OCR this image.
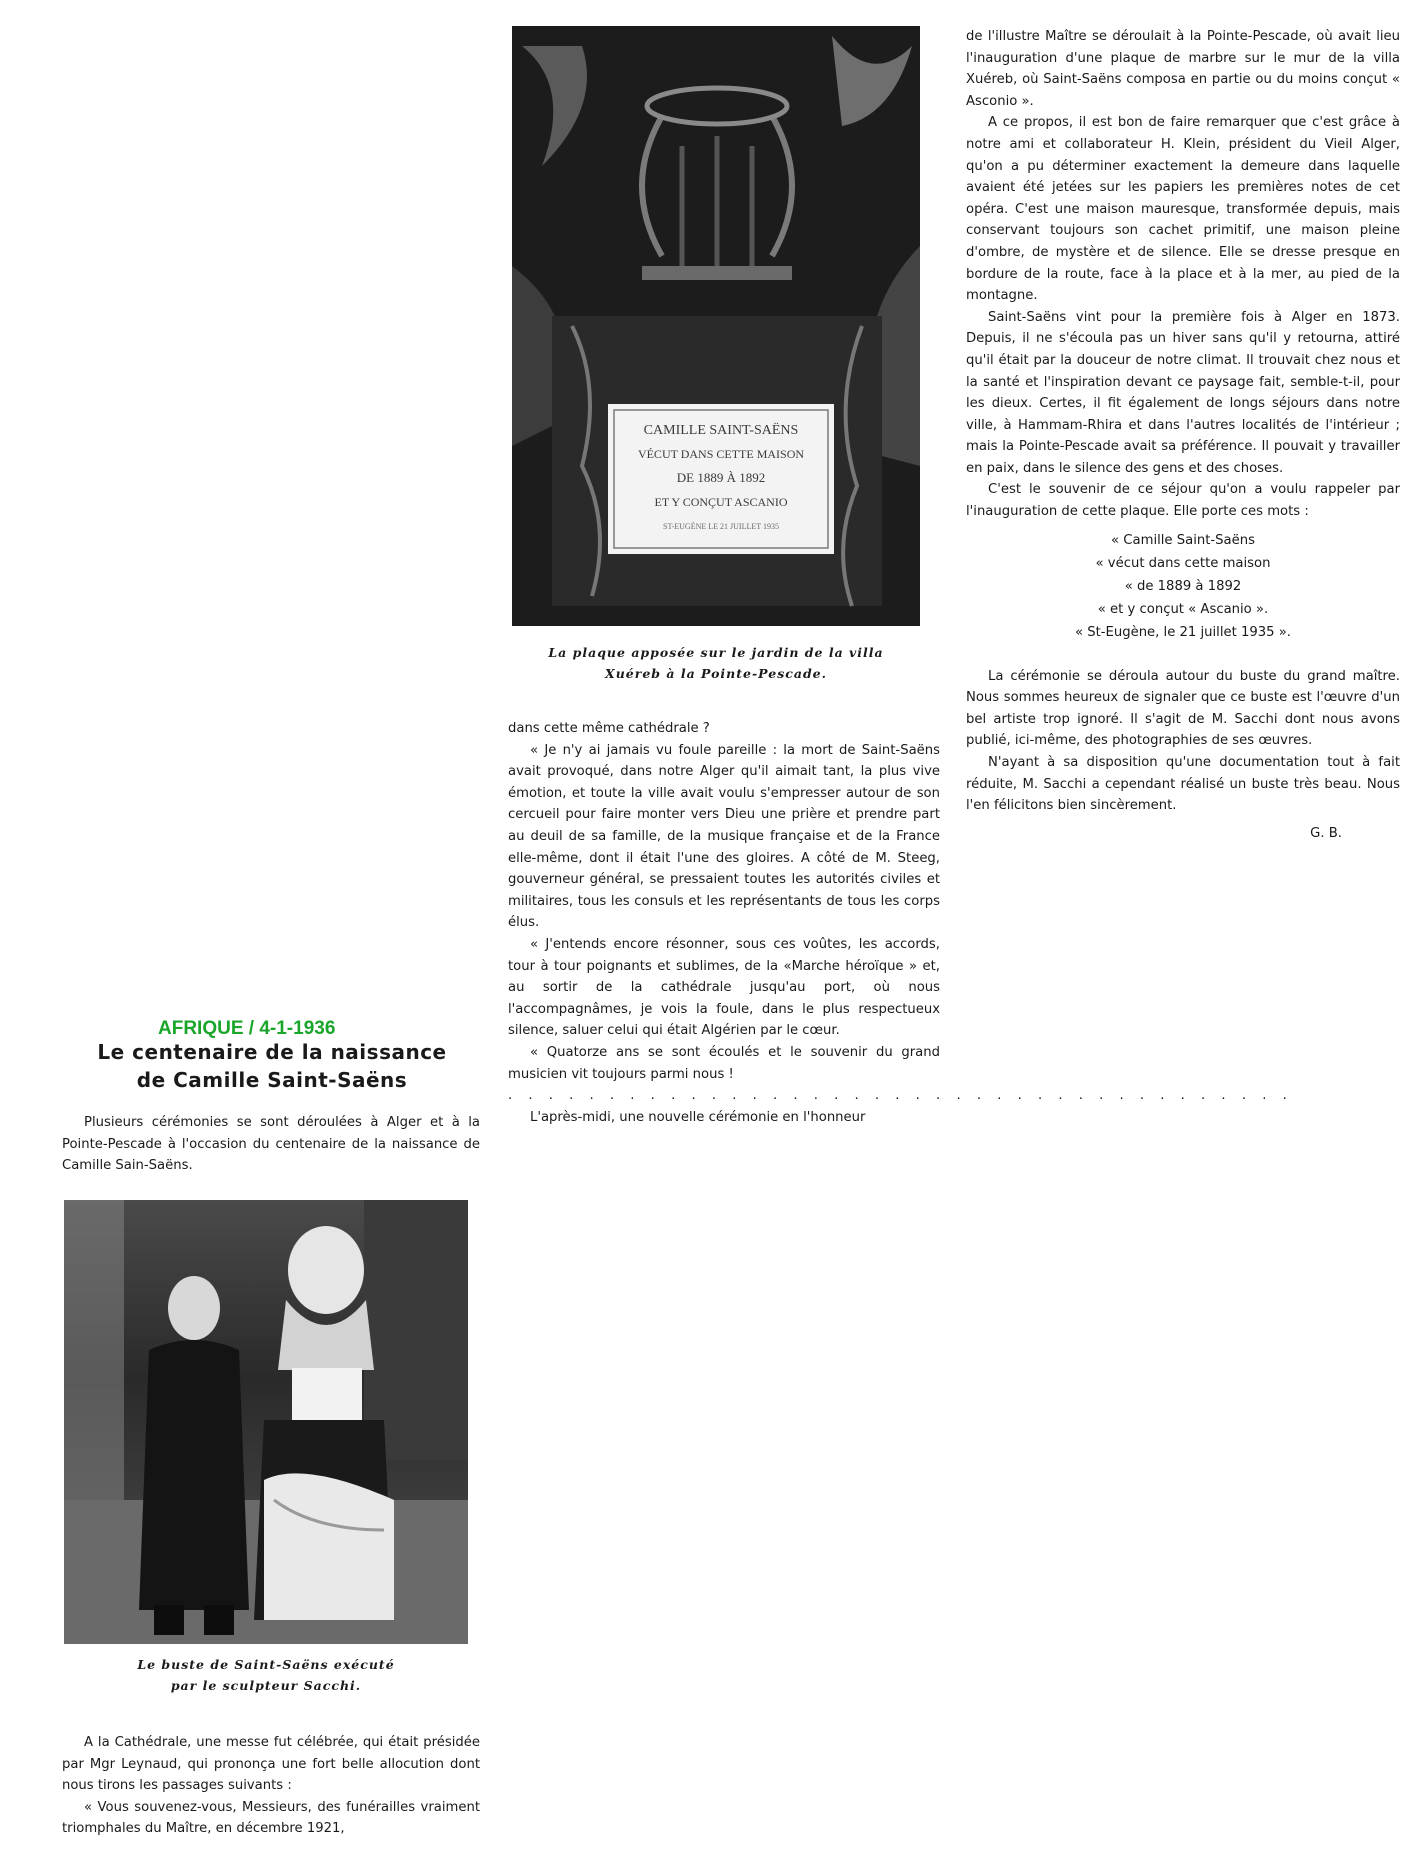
AFRIQUE / 4-1-1936
Le centenaire de la naissance
de Camille Saint-Saëns

Plusieurs cérémonies se sont déroulées à Alger et à la Pointe-Pescade à l'occasion du centenaire de la naissance de Camille Sain-Saëns.

Le buste de Saint-Saëns exécuté
par le sculpteur Sacchi.

A la Cathédrale, une messe fut célébrée, qui était présidée par Mgr Leynaud, qui prononça une fort belle allocution dont nous tirons les passages suivants :

« Vous souvenez-vous, Messieurs, des funérailles vraiment triomphales du Maître, en décembre 1921,

CAMILLE SAINT-SAËNS
VÉCUT DANS CETTE MAISON
DE 1889 À 1892
ET Y CONÇUT ASCANIO
ST-EUGÈNE LE 21 JUILLET 1935
La plaque apposée sur le jardin de la villa
Xuéreb à la Pointe-Pescade.

dans cette même cathédrale ?

« Je n'y ai jamais vu foule pareille : la mort de Saint-Saëns avait provoqué, dans notre Alger qu'il aimait tant, la plus vive émotion, et toute la ville avait voulu s'empresser autour de son cercueil pour faire monter vers Dieu une prière et prendre part au deuil de sa famille, de la musique française et de la France elle-même, dont il était l'une des gloires. A côté de M. Steeg, gouverneur général, se pressaient toutes les autorités civiles et militaires, tous les consuls et les représentants de tous les corps élus.

« J'entends encore résonner, sous ces voûtes, les accords, tour à tour poignants et sublimes, de la «Marche héroïque » et, au sortir de la cathédrale jusqu'au port, où nous l'accompagnâmes, je vois la foule, dans le plus respectueux silence, saluer celui qui était Algérien par le cœur.

« Quatorze ans se sont écoulés et le souvenir du grand musicien vit toujours parmi nous !

. . . . . . . . . . . . . . . . . . . . . . . . . . . . . . . . . . . . . . .

L'après-midi, une nouvelle cérémonie en l'honneur

de l'illustre Maître se déroulait à la Pointe-Pescade, où avait lieu l'inauguration d'une plaque de marbre sur le mur de la villa Xuéreb, où Saint-Saëns composa en partie ou du moins conçut « Asconio ».

A ce propos, il est bon de faire remarquer que c'est grâce à notre ami et collaborateur H. Klein, président du Vieil Alger, qu'on a pu déterminer exactement la demeure dans laquelle avaient été jetées sur les papiers les premières notes de cet opéra. C'est une maison mauresque, transformée depuis, mais conservant toujours son cachet primitif, une maison pleine d'ombre, de mystère et de silence. Elle se dresse presque en bordure de la route, face à la place et à la mer, au pied de la montagne.

Saint-Saëns vint pour la première fois à Alger en 1873. Depuis, il ne s'écoula pas un hiver sans qu'il y retourna, attiré qu'il était par la douceur de notre climat. Il trouvait chez nous et la santé et l'inspiration devant ce paysage fait, semble-t-il, pour les dieux. Certes, il fit également de longs séjours dans notre ville, à Hammam-Rhira et dans l'autres localités de l'intérieur ; mais la Pointe-Pescade avait sa préférence. Il pouvait y travailler en paix, dans le silence des gens et des choses.

C'est le souvenir de ce séjour qu'on a voulu rappeler par l'inauguration de cette plaque. Elle porte ces mots :

« Camille Saint-Saëns
« vécut dans cette maison
« de 1889 à 1892
« et y conçut « Ascanio ».
« St-Eugène, le 21 juillet 1935 ».

La cérémonie se déroula autour du buste du grand maître. Nous sommes heureux de signaler que ce buste est l'œuvre d'un bel artiste trop ignoré. Il s'agit de M. Sacchi dont nous avons publié, ici-même, des photographies de ses œuvres.

N'ayant à sa disposition qu'une documentation tout à fait réduite, M. Sacchi a cependant réalisé un buste très beau. Nous l'en félicitons bien sincèrement.

G. B.
